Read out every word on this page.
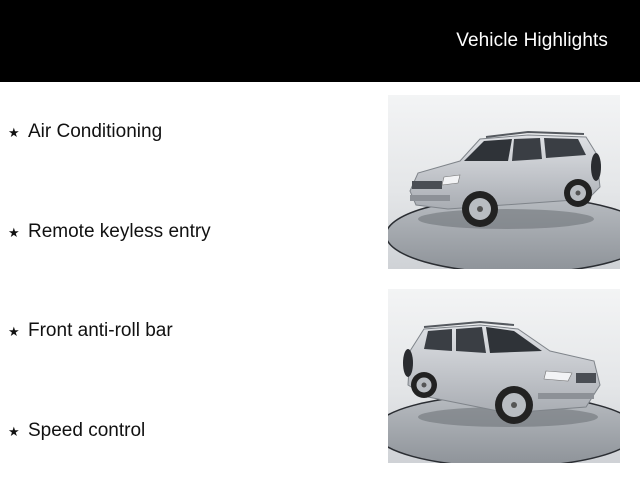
Vehicle Highlights
★ Air Conditioning
★ Remote keyless entry
★ Front anti-roll bar
★ Speed control
